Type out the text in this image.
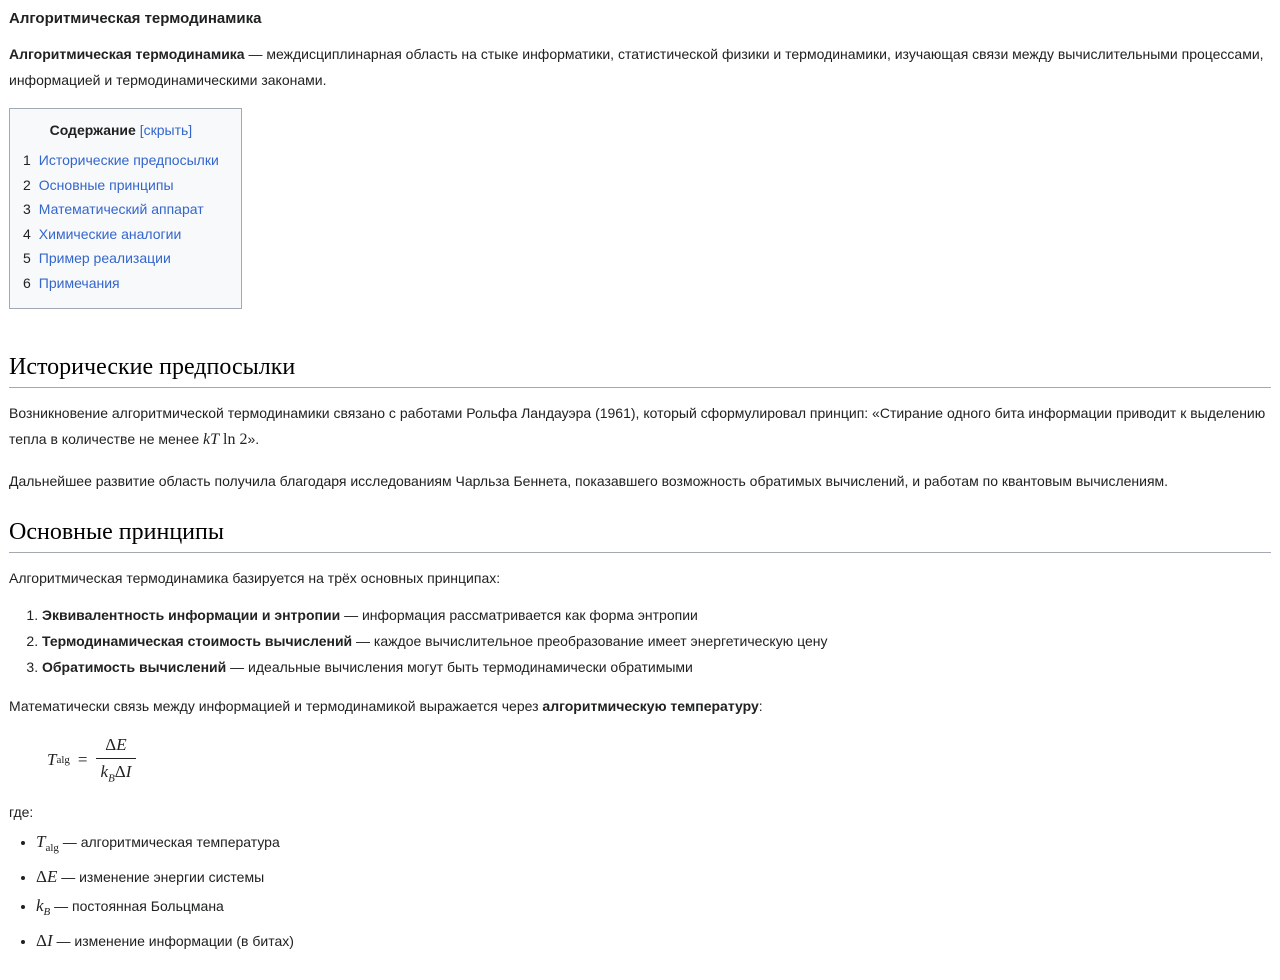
Алгоритмическая термодинамика

Алгоритмическая термодинамика — междисциплинарная область на стыке информатики, статистической физики и термодинамики, изучающая связи между вычислительными процессами, информацией и термодинамическими законами.

Содержание [скрыть]
1 Исторические предпосылки
2 Основные принципы
3 Математический аппарат
4 Химические аналогии
5 Пример реализации
6 Примечания
Исторические предпосылки

Возникновение алгоритмической термодинамики связано с работами Рольфа Ландауэра (1961), который сформулировал принцип: «Стирание одного бита информации приводит к выделению тепла в количестве не менее kT ln 2».

Дальнейшее развитие область получила благодаря исследованиям Чарльза Беннета, показавшего возможность обратимых вычислений, и работам по квантовым вычислениям.

Основные принципы

Алгоритмическая термодинамика базируется на трёх основных принципах:

1. Эквивалентность информации и энтропии — информация рассматривается как форма энтропии
2. Термодинамическая стоимость вычислений — каждое вычислительное преобразование имеет энергетическую цену
3. Обратимость вычислений — идеальные вычисления могут быть термодинамически обратимыми

Математически связь между информацией и термодинамикой выражается через алгоритмическую температуру:

T $alg = \frac{\Delta E}{k_B\Delta I}$

где:

• $T_{alg}$ — алгоритмическая температура
• ΔE — изменение энергии системы
• $k_B$ — постоянная Больцмана
• ΔI — изменение информации (в битах)
